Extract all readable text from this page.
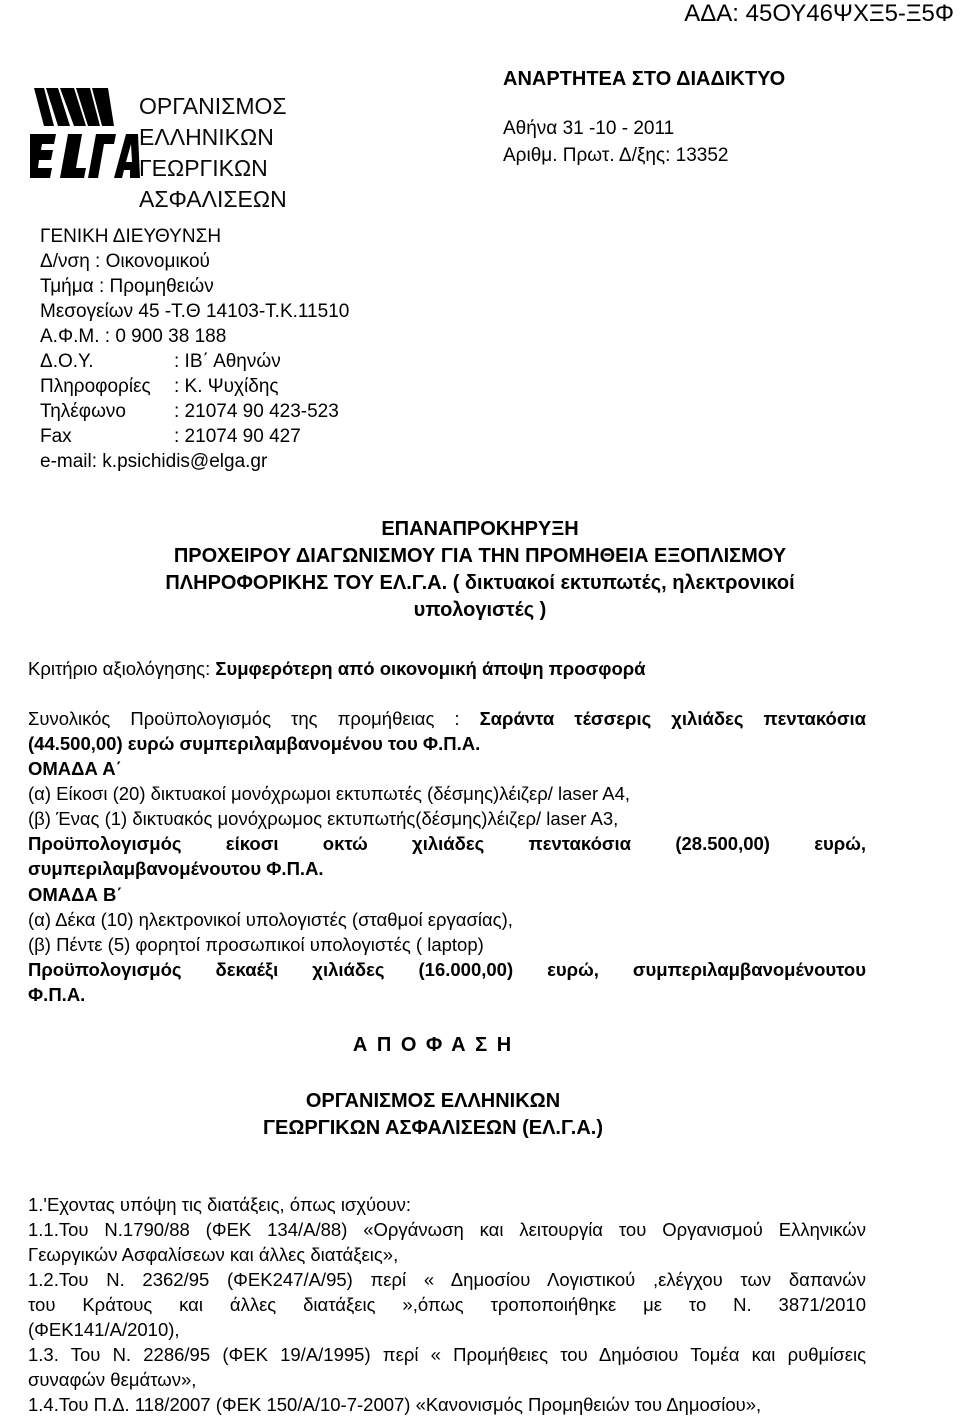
ΑΔΑ: 45ΟΥ46ΨΧΞ5-Ξ5Φ
ΑΝΑΡΤΗΤΕΑ ΣΤΟ ΔΙΑΔΙΚΤΥΟ
Αθήνα 31 -10 - 2011
Αριθμ. Πρωτ. Δ/ξης: 13352
ΟΡΓΑΝΙΣΜΟΣ
ΕΛΛΗΝΙΚΩΝ
ΓΕΩΡΓΙΚΩΝ
ΑΣΦΑΛΙΣΕΩΝ
ΓΕΝΙΚΗ ΔΙΕΥΘΥΝΣΗ
Δ/νση : Οικονομικού
Τμήμα : Προμηθειών
Μεσογείων 45 -Τ.Θ 14103-Τ.Κ.11510
Α.Φ.Μ. : 0 900 38 188
Δ.Ο.Υ.	: ΙΒ΄ Αθηνών
Πληροφορίες	: Κ. Ψυχίδης
Τηλέφωνο	: 21074 90 423-523
Fax	: 21074 90 427
e-mail: k.psichidis@elga.gr
ΕΠΑΝΑΠΡΟΚΗΡΥΞΗ
ΠΡΟΧΕΙΡΟΥ ΔΙΑΓΩΝΙΣΜΟΥ ΓΙΑ ΤΗΝ ΠΡΟΜΗΘΕΙΑ ΕΞΟΠΛΙΣΜΟΥ
ΠΛΗΡΟΦΟΡΙΚΗΣ ΤΟΥ ΕΛ.Γ.Α. ( δικτυακοί εκτυπωτές, ηλεκτρονικοί
υπολογιστές )
Κριτήριο αξιολόγησης: Συμφερότερη από οικονομική άποψη προσφορά
Συνολικός Προϋπολογισμός της προμήθειας : Σαράντα τέσσερις χιλιάδες πεντακόσια
(44.500,00) ευρώ συμπεριλαμβανομένου του Φ.Π.Α.
ΟΜΑΔΑ Α΄
(α) Είκοσι (20) δικτυακοί μονόχρωμοι εκτυπωτές (δέσμης)λέιζερ/ laser A4,
(β) Ένας (1) δικτυακός μονόχρωμος εκτυπωτής(δέσμης)λέιζερ/ laser A3,
Προϋπολογισμός είκοσι οκτώ χιλιάδες πεντακόσια (28.500,00) ευρώ,
συμπεριλαμβανομένουτου Φ.Π.Α.
ΟΜΑΔΑ Β΄
(α) Δέκα (10) ηλεκτρονικοί υπολογιστές (σταθμοί εργασίας),
(β) Πέντε (5) φορητοί προσωπικοί υπολογιστές ( laptop)
Προϋπολογισμός δεκαέξι χιλιάδες (16.000,00) ευρώ, συμπεριλαμβανομένουτου
Φ.Π.Α.
Α Π Ο Φ Α Σ Η
ΟΡΓΑΝΙΣΜΟΣ ΕΛΛΗΝΙΚΩΝ
ΓΕΩΡΓΙΚΩΝ ΑΣΦΑΛΙΣΕΩΝ (ΕΛ.Γ.Α.)
1.'Εχοντας υπόψη τις διατάξεις, όπως ισχύουν:
1.1.Του Ν.1790/88 (ΦΕΚ 134/Α/88) «Οργάνωση και λειτουργία του Οργανισμού Ελληνικών
Γεωργικών Ασφαλίσεων και άλλες διατάξεις»,
1.2.Του Ν. 2362/95 (ΦΕΚ247/Α/95) περί « Δημοσίου Λογιστικού ,ελέγχου των δαπανών
του Κράτους και άλλες διατάξεις »,όπως τροποποιήθηκε με το Ν. 3871/2010
(ΦΕΚ141/Α/2010),
1.3. Του Ν. 2286/95 (ΦΕΚ 19/Α/1995) περί « Προμήθειες του Δημόσιου Τομέα και ρυθμίσεις
συναφών θεμάτων»,
1.4.Του Π.Δ. 118/2007 (ΦΕΚ 150/Α/10-7-2007) «Κανονισμός Προμηθειών του Δημοσίου»,
